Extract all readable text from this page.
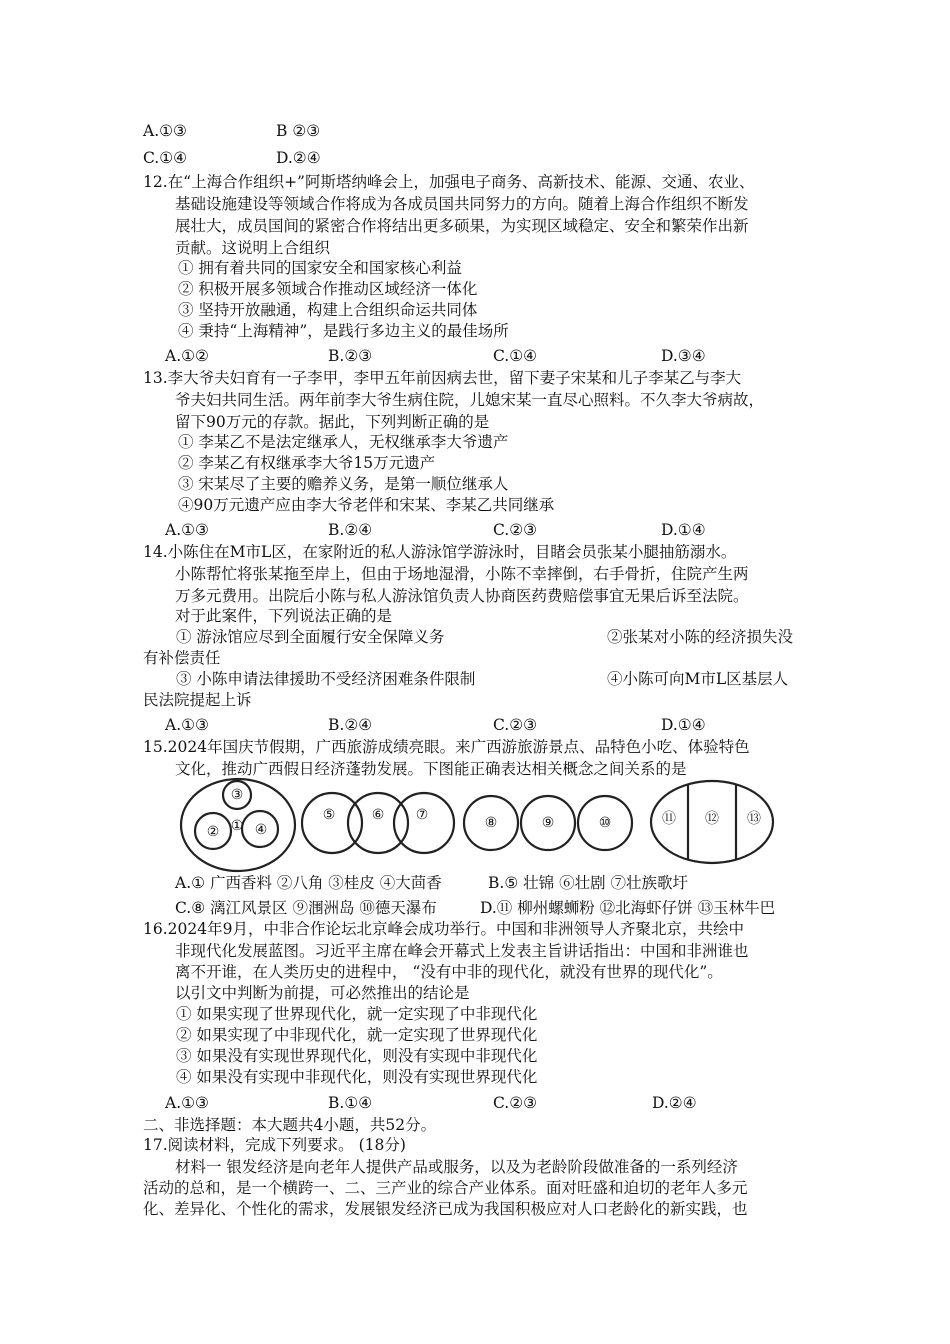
A.①③	B ②③
C.①④	D.②④
12.在“上海合作组织+”阿斯塔纳峰会上，加强电子商务、高新技术、能源、交通、农业、
基础设施建设等领域合作将成为各成员国共同努力的方向。随着上海合作组织不断发
展壮大，成员国间的紧密合作将结出更多硕果，为实现区域稳定、安全和繁荣作出新
贡献。这说明上合组织
① 拥有着共同的国家安全和国家核心利益
② 积极开展多领域合作推动区域经济一体化
③ 坚持开放融通，构建上合组织命运共同体
④ 秉持“上海精神”，是践行多边主义的最佳场所
A.①②	B.②③	C.①④	D.③④
13.李大爷夫妇育有一子李甲，李甲五年前因病去世，留下妻子宋某和儿子李某乙与李大
爷夫妇共同生活。两年前李大爷生病住院，儿媳宋某一直尽心照料。不久李大爷病故，
留下90万元的存款。据此，下列判断正确的是
① 李某乙不是法定继承人，无权继承李大爷遗产
② 李某乙有权继承李大爷15万元遗产
③ 宋某尽了主要的赡养义务，是第一顺位继承人
④90万元遗产应由李大爷老伴和宋某、李某乙共同继承
A.①③	B.②④	C.②③	D.①④
14.小陈住在M市L区，在家附近的私人游泳馆学游泳时，目睹会员张某小腿抽筋溺水。
小陈帮忙将张某拖至岸上，但由于场地湿滑，小陈不幸摔倒，右手骨折，住院产生两
万多元费用。出院后小陈与私人游泳馆负责人协商医药费赔偿事宜无果后诉至法院。
对于此案件，下列说法正确的是
① 游泳馆应尽到全面履行安全保障义务	②张某对小陈的经济损失没
有补偿责任
③ 小陈申请法律援助不受经济困难条件限制	④小陈可向M市L区基层人
民法院提起上诉
A.①③	B.②④	C.②③	D.①④
15.2024年国庆节假期，广西旅游成绩亮眼。来广西游旅游景点、品特色小吃、体验特色
文化，推动广西假日经济蓬勃发展。下图能正确表达相关概念之间关系的是
③
② ① ④
⑤	⑥ ⑦	⑧	⑨	⑩	⑪ ⑫ ⑬
A.① 广西香料 ②八角 ③桂皮 ④大茴香	B.⑤ 壮锦 ⑥壮剧 ⑦壮族歌圩
C.⑧ 漓江风景区 ⑨涠洲岛 ⑩德天瀑布	D.⑪ 柳州螺蛳粉 ⑫北海虾仔饼 ⑬玉林牛巴
16.2024年9月，中非合作论坛北京峰会成功举行。中国和非洲领导人齐聚北京，共绘中
非现代化发展蓝图。习近平主席在峰会开幕式上发表主旨讲话指出：中国和非洲谁也
离不开谁，在人类历史的进程中， “没有中非的现代化，就没有世界的现代化”。
以引文中判断为前提，可必然推出的结论是
① 如果实现了世界现代化，就一定实现了中非现代化
② 如果实现了中非现代化，就一定实现了世界现代化
③ 如果没有实现世界现代化，则没有实现中非现代化
④ 如果没有实现中非现代化，则没有实现世界现代化
A.①③	B.①④	C.②③	D.②④
二、非选择题：本大题共4小题，共52分。
17.阅读材料，完成下列要求。 (18分)
材料一 银发经济是向老年人提供产品或服务，以及为老龄阶段做准备的一系列经济
活动的总和，是一个横跨一、二、三产业的综合产业体系。面对旺盛和迫切的老年人多元
化、差异化、个性化的需求，发展银发经济已成为我国积极应对人口老龄化的新实践，也
